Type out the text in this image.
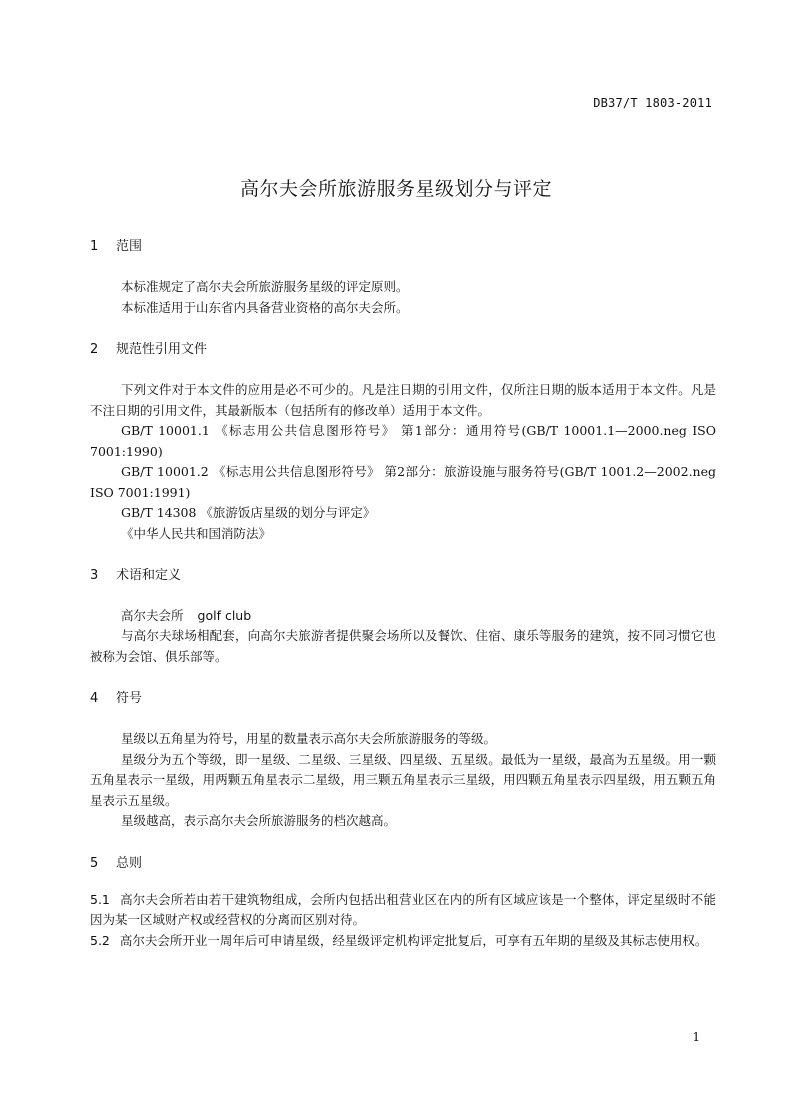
DB37/T 1803-2011
高尔夫会所旅游服务星级划分与评定
1	范围

本标准规定了高尔夫会所旅游服务星级的评定原则。

本标准适用于山东省内具备营业资格的高尔夫会所。

2	规范性引用文件

下列文件对于本文件的应用是必不可少的。凡是注日期的引用文件，仅所注日期的版本适用于本文件。凡是不注日期的引用文件，其最新版本（包括所有的修改单）适用于本文件。

GB/T 10001.1 《标志用公共信息图形符号》 第1部分：通用符号(GB/T 10001.1—2000.neg ISO 7001:1990)

GB/T 10001.2 《标志用公共信息图形符号》 第2部分：旅游设施与服务符号(GB/T 1001.2—2002.neg ISO 7001:1991)

GB/T 14308 《旅游饭店星级的划分与评定》

《中华人民共和国消防法》

3	术语和定义

高尔夫会所 golf club

与高尔夫球场相配套，向高尔夫旅游者提供聚会场所以及餐饮、住宿、康乐等服务的建筑，按不同习惯它也被称为会馆、俱乐部等。

4	符号

星级以五角星为符号，用星的数量表示高尔夫会所旅游服务的等级。

星级分为五个等级，即一星级、二星级、三星级、四星级、五星级。最低为一星级，最高为五星级。用一颗五角星表示一星级，用两颗五角星表示二星级，用三颗五角星表示三星级，用四颗五角星表示四星级，用五颗五角星表示五星级。

星级越高，表示高尔夫会所旅游服务的档次越高。

5	总则

5.1 高尔夫会所若由若干建筑物组成，会所内包括出租营业区在内的所有区域应该是一个整体，评定星级时不能因为某一区域财产权或经营权的分离而区别对待。

5.2 高尔夫会所开业一周年后可申请星级，经星级评定机构评定批复后，可享有五年期的星级及其标志使用权。

1
